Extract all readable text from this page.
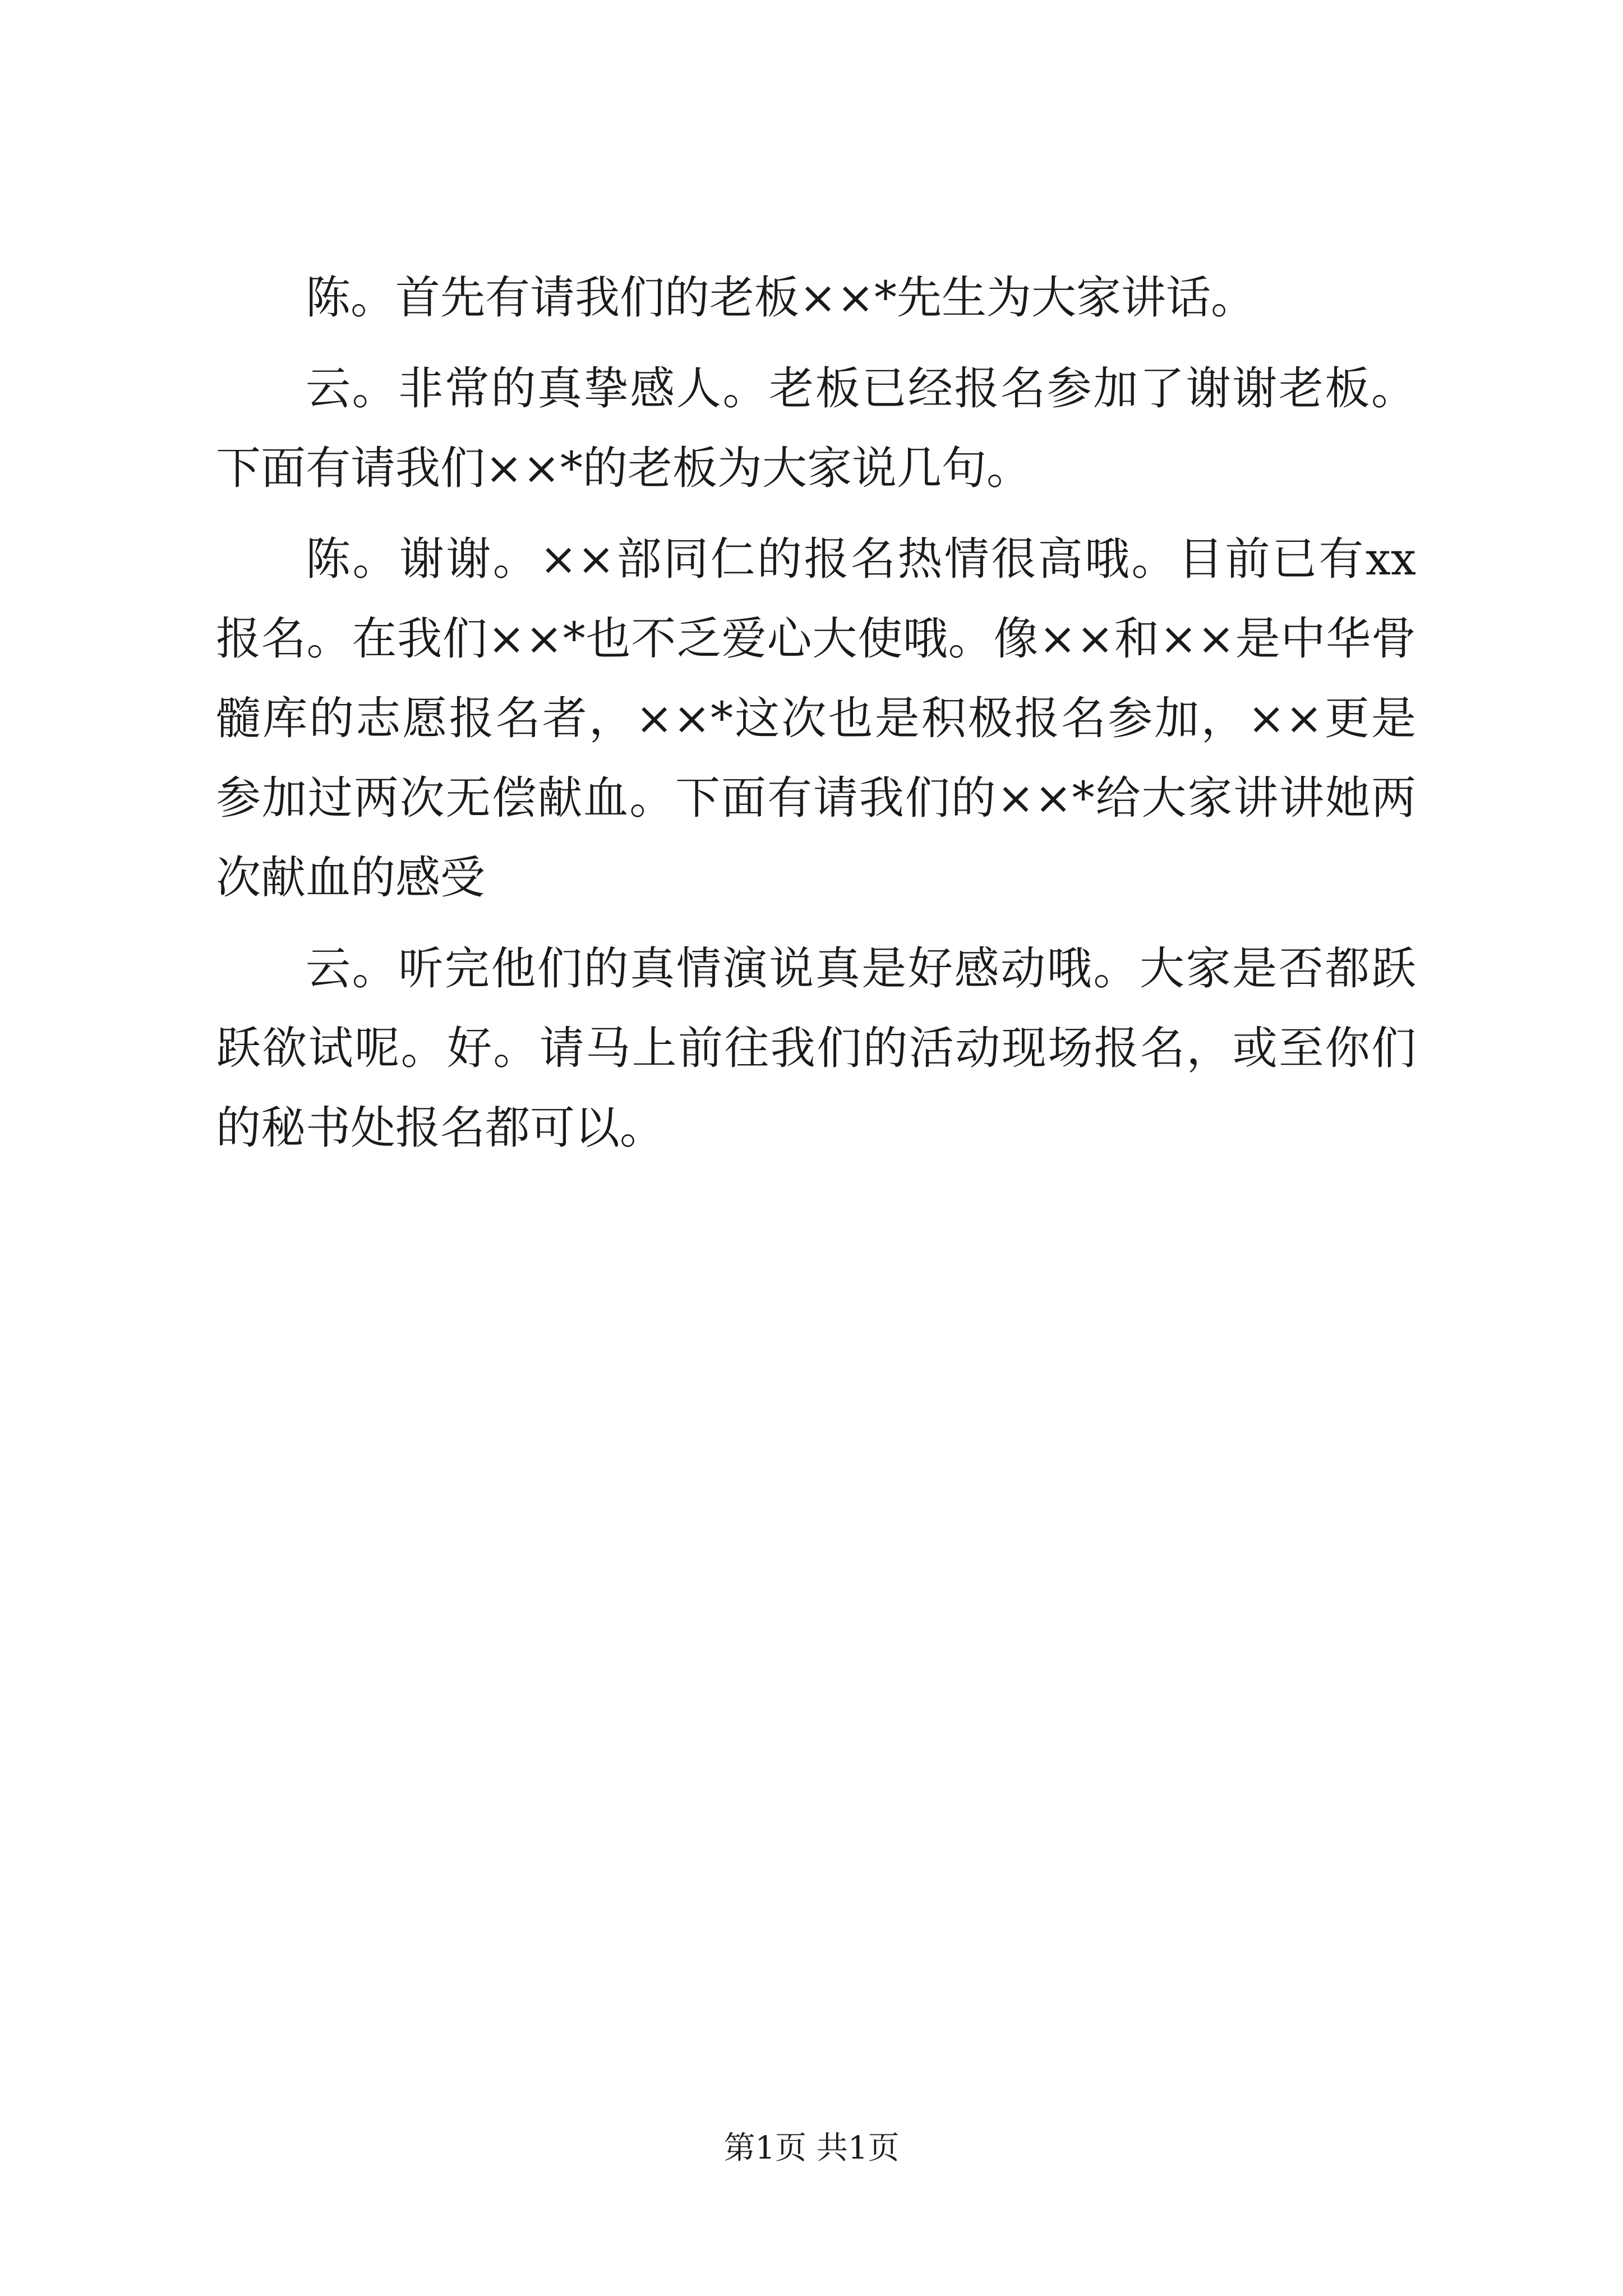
陈。首先有请我们的老板××*先生为大家讲话。

云。非常的真挚感人。老板已经报名参加了谢谢老板。下面有请我们××*的老板为大家说几句。

陈。谢谢。××部同仁的报名热情很高哦。目前已有xx报名。在我们××*也不乏爱心大使哦。像××和××是中华骨髓库的志愿报名者，××*这次也是积极报名参加，××更是参加过两次无偿献血。下面有请我们的××*给大家讲讲她两次献血的感受

云。听完他们的真情演说真是好感动哦。大家是否都跃跃欲试呢。好。请马上前往我们的活动现场报名，或至你们的秘书处报名都可以。

第1页 共1页
